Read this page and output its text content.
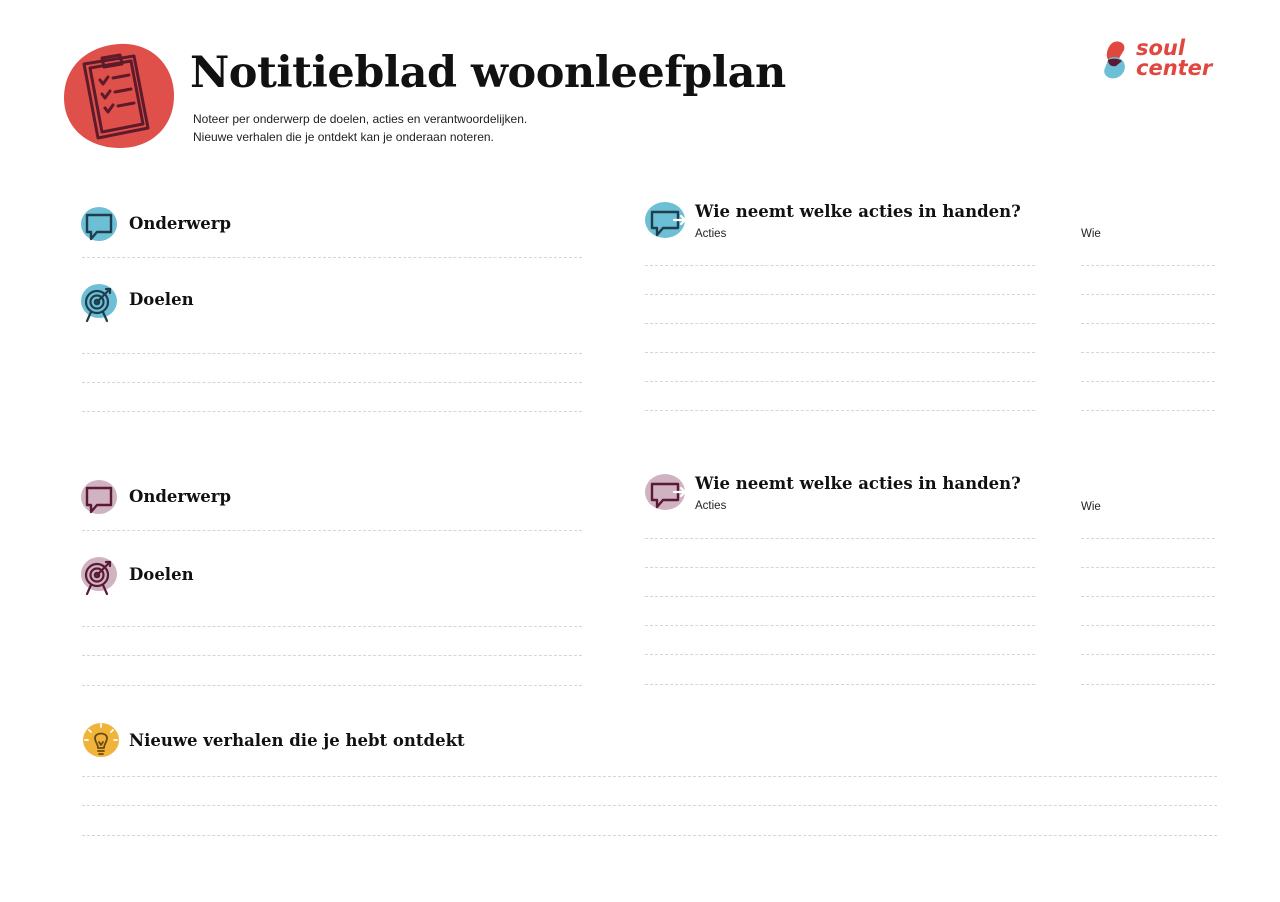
Notitieblad woonleefplan
Noteer per onderwerp de doelen, acties en verantwoordelijken.
Nieuwe verhalen die je ontdekt kan je onderaan noteren.
soul
center
Onderwerp
Doelen
Wie neemt welke acties in handen?
Acties	Wie
Onderwerp
Doelen
Wie neemt welke acties in handen?
Acties	Wie
Nieuwe verhalen die je hebt ontdekt
